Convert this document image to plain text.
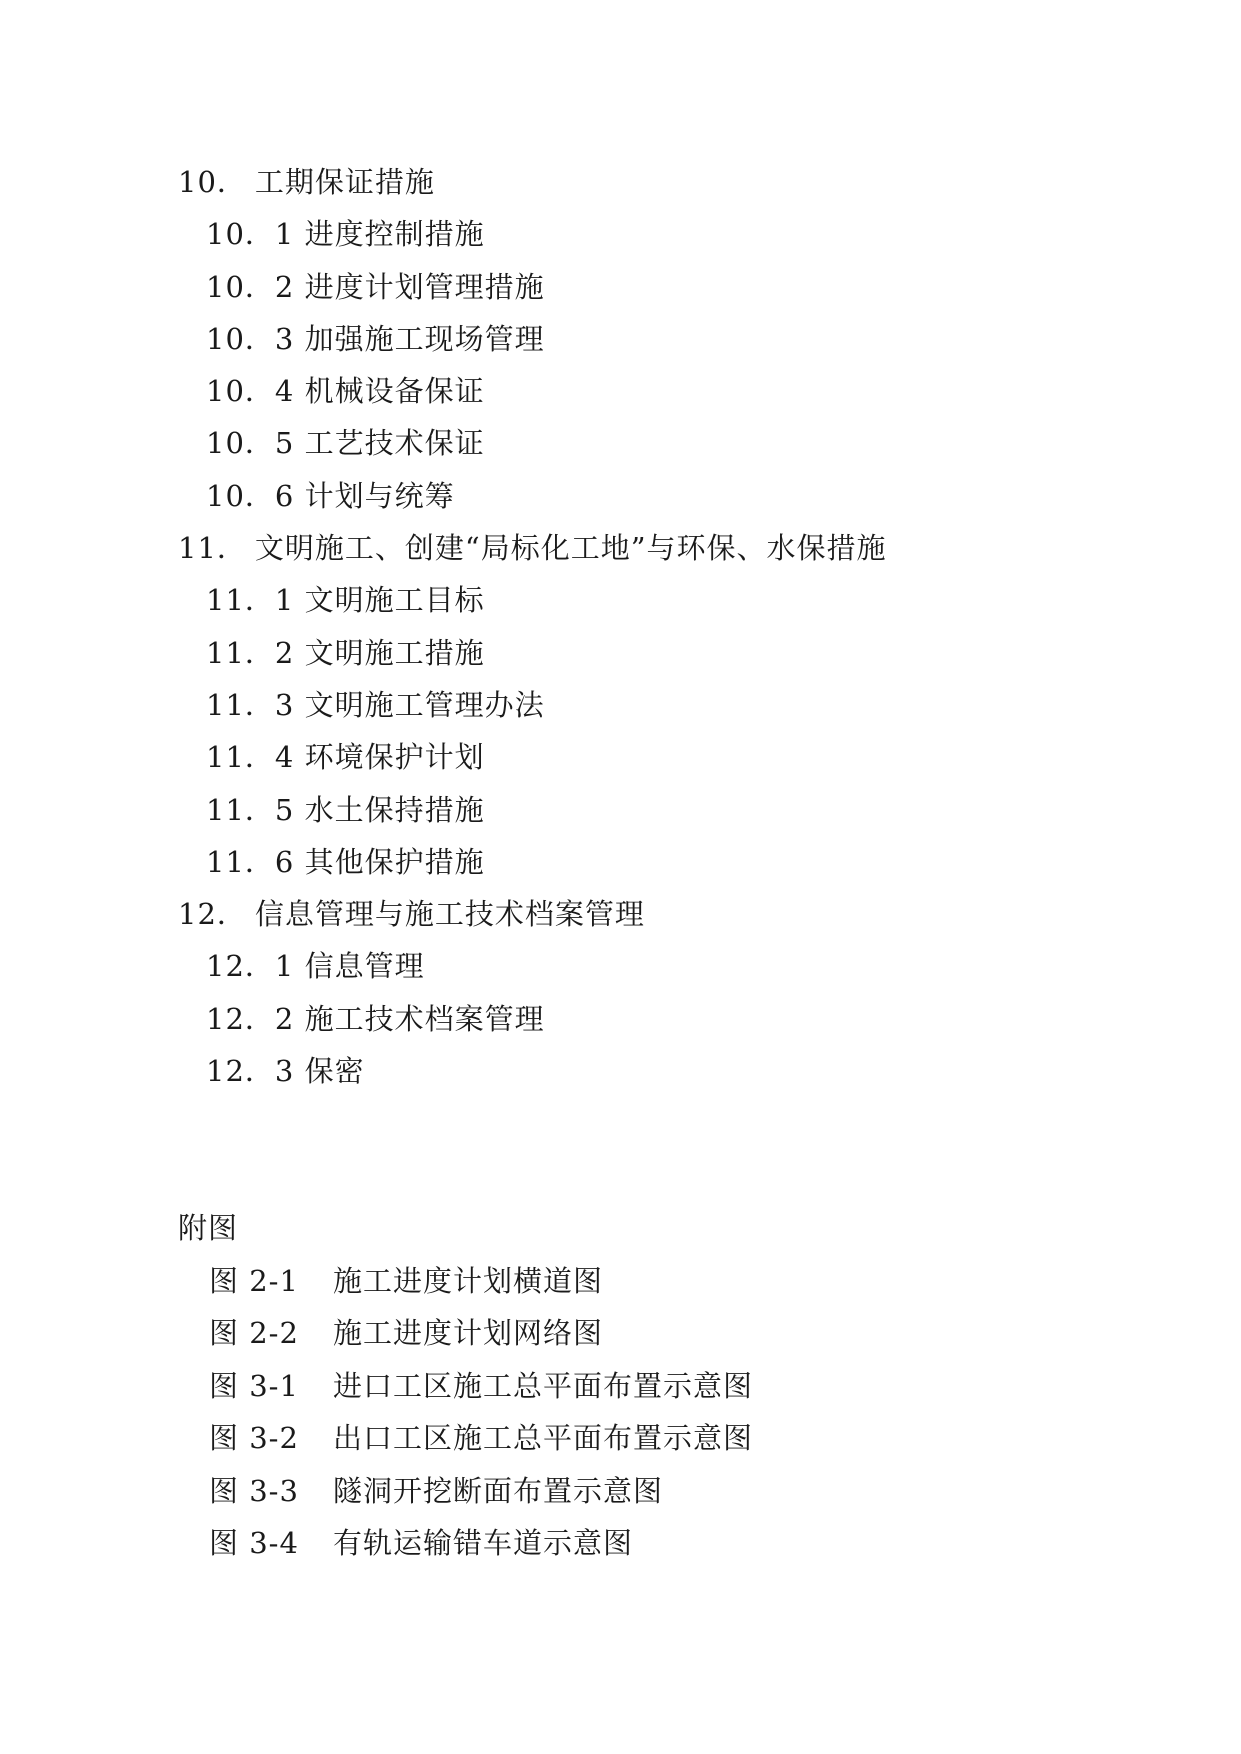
10． 工期保证措施
10．1 进度控制措施
10．2 进度计划管理措施
10．3 加强施工现场管理
10．4 机械设备保证
10．5 工艺技术保证
10．6 计划与统筹
11． 文明施工、创建“局标化工地”与环保、水保措施
11．1 文明施工目标
11．2 文明施工措施
11．3 文明施工管理办法
11．4 环境保护计划
11．5 水土保持措施
11．6 其他保护措施
12． 信息管理与施工技术档案管理
12．1 信息管理
12．2 施工技术档案管理
12．3 保密
附图
图 2-1 施工进度计划横道图
图 2-2 施工进度计划网络图
图 3-1 进口工区施工总平面布置示意图
图 3-2 出口工区施工总平面布置示意图
图 3-3 隧洞开挖断面布置示意图
图 3-4 有轨运输错车道示意图
